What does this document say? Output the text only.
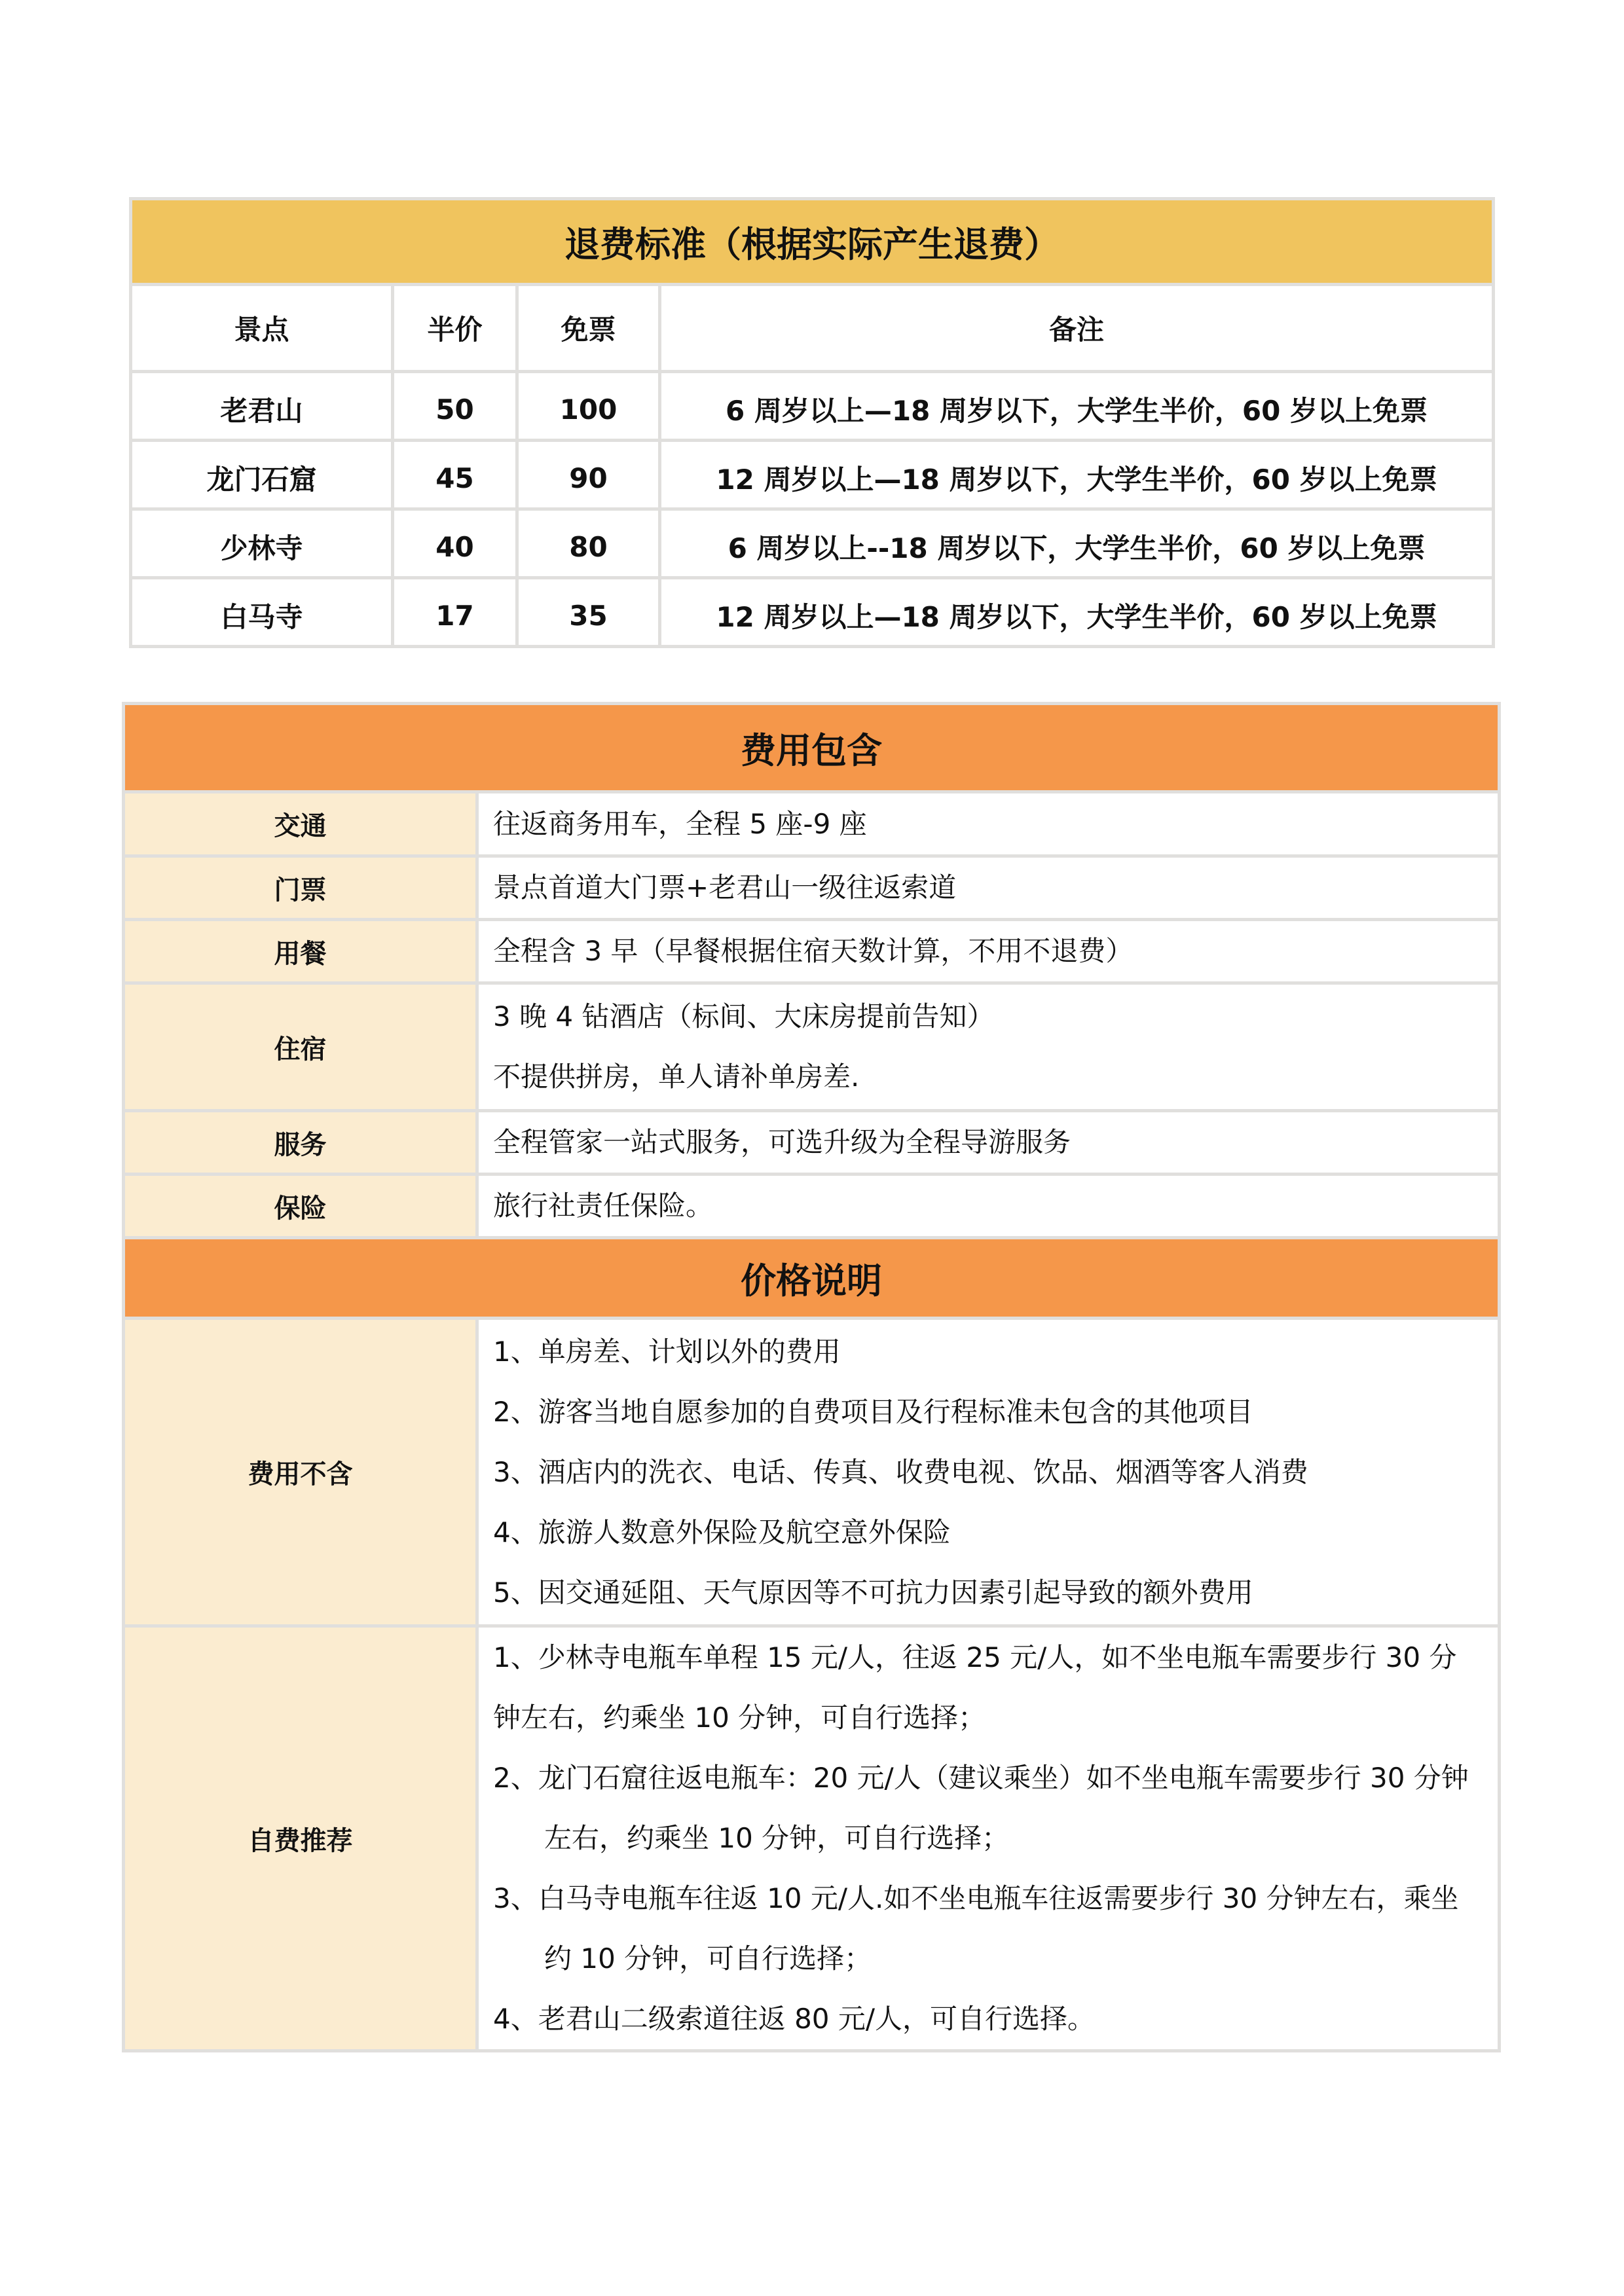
退费标准（根据实际产生退费）			
景点	半价	免票	备注
老君山	50	100	6 周岁以上—18 周岁以下，大学生半价，60 岁以上免票
龙门石窟	45	90	12 周岁以上—18 周岁以下，大学生半价，60 岁以上免票
少林寺	40	80	6 周岁以上--18 周岁以下，大学生半价，60 岁以上免票
白马寺	17	35	12 周岁以上—18 周岁以下，大学生半价，60 岁以上免票
费用包含	
交通	往返商务用车，全程 5 座-9 座

门票	景点首道大门票+老君山一级往返索道

用餐	全程含 3 早（早餐根据住宿天数计算，不用不退费）

住宿	3 晚 4 钻酒店（标间、大床房提前告知）
不提供拼房，单人请补单房差.

服务	全程管家一站式服务，可选升级为全程导游服务

保险	旅行社责任保险。

价格说明	
费用不含	1、单房差、计划以外的费用
2、游客当地自愿参加的自费项目及行程标准未包含的其他项目
3、酒店内的洗衣、电话、传真、收费电视、饮品、烟酒等客人消费
4、旅游人数意外保险及航空意外保险
5、因交通延阻、天气原因等不可抗力因素引起导致的额外费用

自费推荐	
1、少林寺电瓶车单程 15 元/人，往返 25 元/人，如不坐电瓶车需要步行 30 分
钟左右，约乘坐 10 分钟，可自行选择；
2、龙门石窟往返电瓶车：20 元/人（建议乘坐）如不坐电瓶车需要步行 30 分钟
左右，约乘坐 10 分钟，可自行选择；
3、白马寺电瓶车往返 10 元/人.如不坐电瓶车往返需要步行 30 分钟左右，乘坐
约 10 分钟，可自行选择；
4、老君山二级索道往返 80 元/人，可自行选择。
